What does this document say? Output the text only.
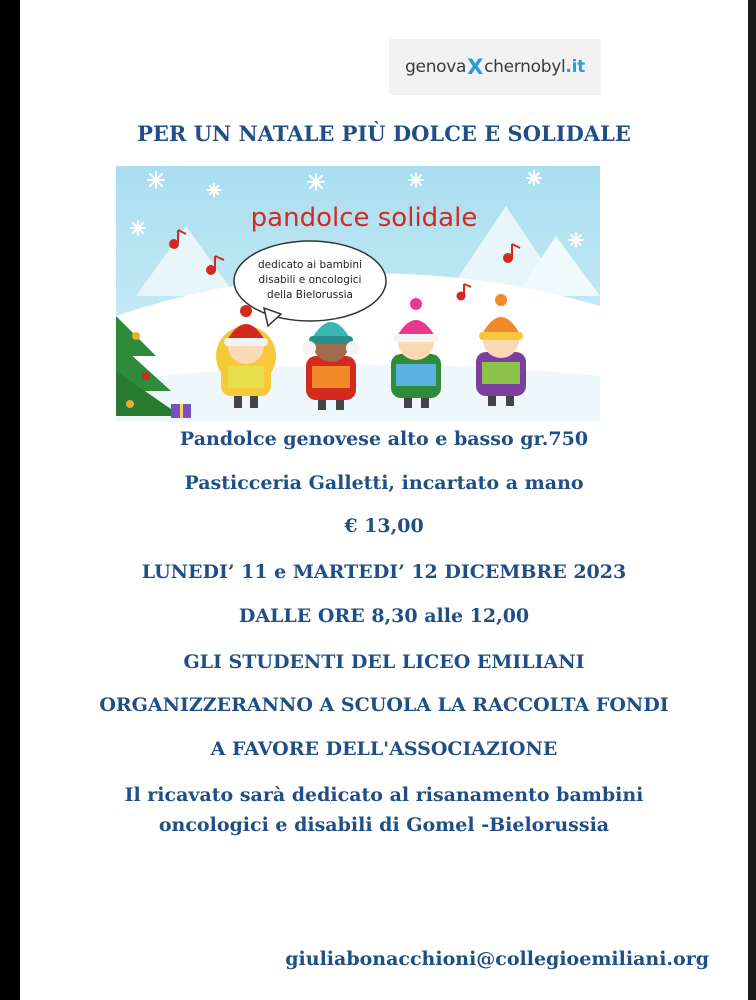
genova X chernobyl .it
PER UN NATALE PIÙ DOLCE E SOLIDALE
pandolce solidale
dedicato ai bambini
disabili e oncologici
della Bielorussia
Pandolce genovese alto e basso gr.750
Pasticceria Galletti, incartato a mano
€ 13,00
LUNEDI’ 11 e MARTEDI’ 12 DICEMBRE 2023
DALLE ORE 8,30 alle 12,00
GLI STUDENTI DEL LICEO EMILIANI
ORGANIZZERANNO A SCUOLA LA RACCOLTA FONDI
A FAVORE DELL'ASSOCIAZIONE
Il ricavato sarà dedicato al risanamento bambini
oncologici e disabili di Gomel -Bielorussia
giuliabonacchioni@collegioemiliani.org
